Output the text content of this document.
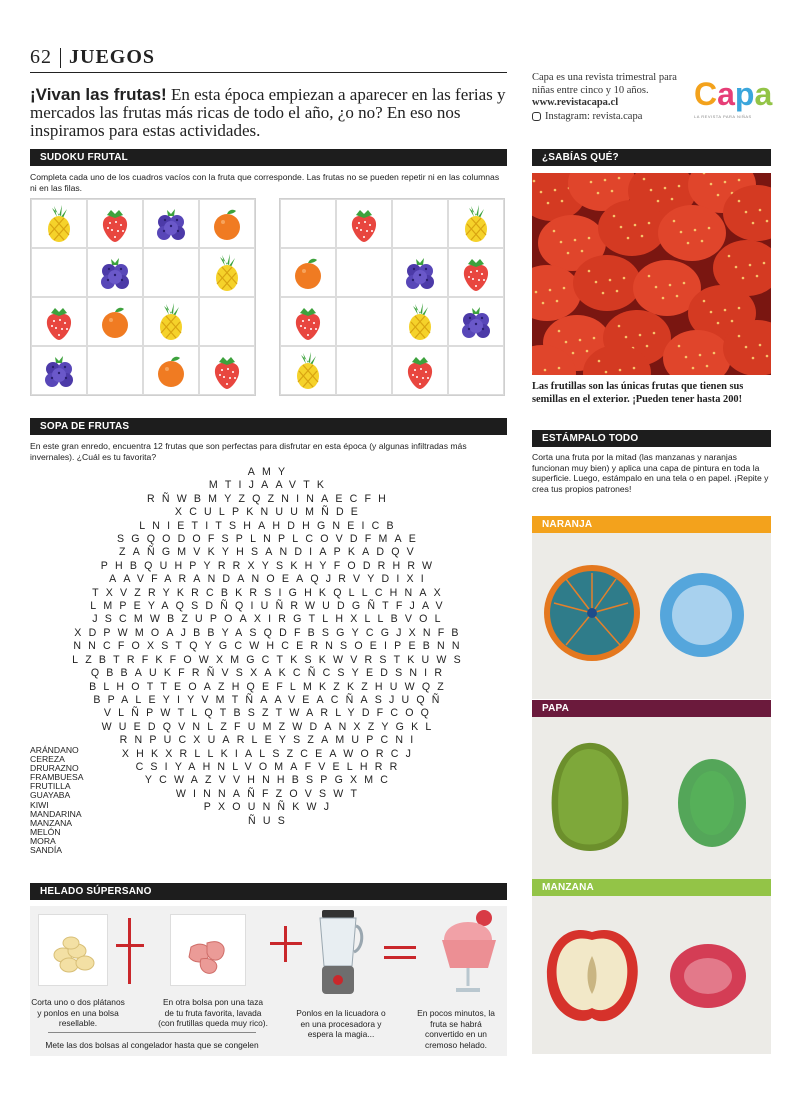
62 JUEGOS
¡Vivan las frutas! En esta época empiezan a aparecer en las ferias y mercados las frutas más ricas de todo el año, ¿o no? En eso nos inspiramos para estas actividades.
Capa es una revista trimestral para
niñas entre cinco y 10 años.
www.revistacapa.cl
Instagram: revista.capa
Capa
LA REVISTA PARA NIÑAS
SUDOKU FRUTAL
Completa cada uno de los cuadros vacíos con la fruta que corresponde. Las frutas no se pueden repetir ni en las columnas ni en las filas.
SOPA DE FRUTAS
En este gran enredo, encuentra 12 frutas que son perfectas para disfrutar en esta época (y algunas infiltradas más invernales). ¿Cuál es tu favorita?
AMY
MTIJAAVTK
RÑWBMYZQZNINAECFH
XCULPKNUUMÑDE
LNIETITSHAHDHGNEICB
SGQODOFSPLNPLCOVDFMAE
ZAÑGMVKYHSANDIAPKADQV
PHBQUHPYRRXYSKHYFODRHRW
AAVFARANDANOEAQJRVYDIXI
TXVZRYKRCBKRSIGHKQLLCHNAX
LMPEYAQSDÑQIUÑRWUDGÑTFJAV
JSCMWBZUPOAXIRGTLHXLLBVOL
XDPWMOAJBBYASQDFBSGYCGJXNFB
NNCFOXSTQYGCWHCERNSOEIPEBNN
LZBTRFKFOWXMGCTKSKWVRSTKUWS
QBBAUKFRÑVSXAKCÑCSYEDSNIR
BLHOTTEOAZHQEFLMKZKZHUWQZ
BPALEYIYVMTÑAAVEACÑASJUQÑ
VLÑPWTLQTBSZTWARLYDFCOQ
WUEDQVNLZFUMZWDANXZYGKL
RNPUCXUARLEYSZAMUPCNI
XHKXRLLKIALSZCEAWORCJ
CSIYAHNLVOMAFVELHRR
YCWAZVVHNHBSPGXMC
WINNAÑFZOVSWT
PXOUNÑKWJ
ÑUS
ARÁNDANO
CEREZA
DRURAZNO
FRAMBUESA
FRUTILLA
GUAYABA
KIWI
MANDARINA
MANZANA
MELÓN
MORA
SANDÍA
HELADO SÚPERSANO
Corta uno o dos plátanos y ponlos en una bolsa resellable.
En otra bolsa pon una taza de tu fruta favorita, lavada (con frutillas queda muy rico).
Ponlos en la licuadora o en una procesadora y espera la magia...
En pocos minutos, la fruta se habrá convertido en un cremoso helado.
Mete las dos bolsas al congelador hasta que se congelen
¿SABÍAS QUÉ?
Las frutillas son las únicas frutas que tienen sus semillas en el exterior. ¡Pueden tener hasta 200!
ESTÁMPALO TODO
Corta una fruta por la mitad (las manzanas y naranjas funcionan muy bien) y aplica una capa de pintura en toda la superficie. Luego, estámpalo en una tela o en papel. ¡Repite y crea tus propios patrones!
NARANJA
PAPA
MANZANA
